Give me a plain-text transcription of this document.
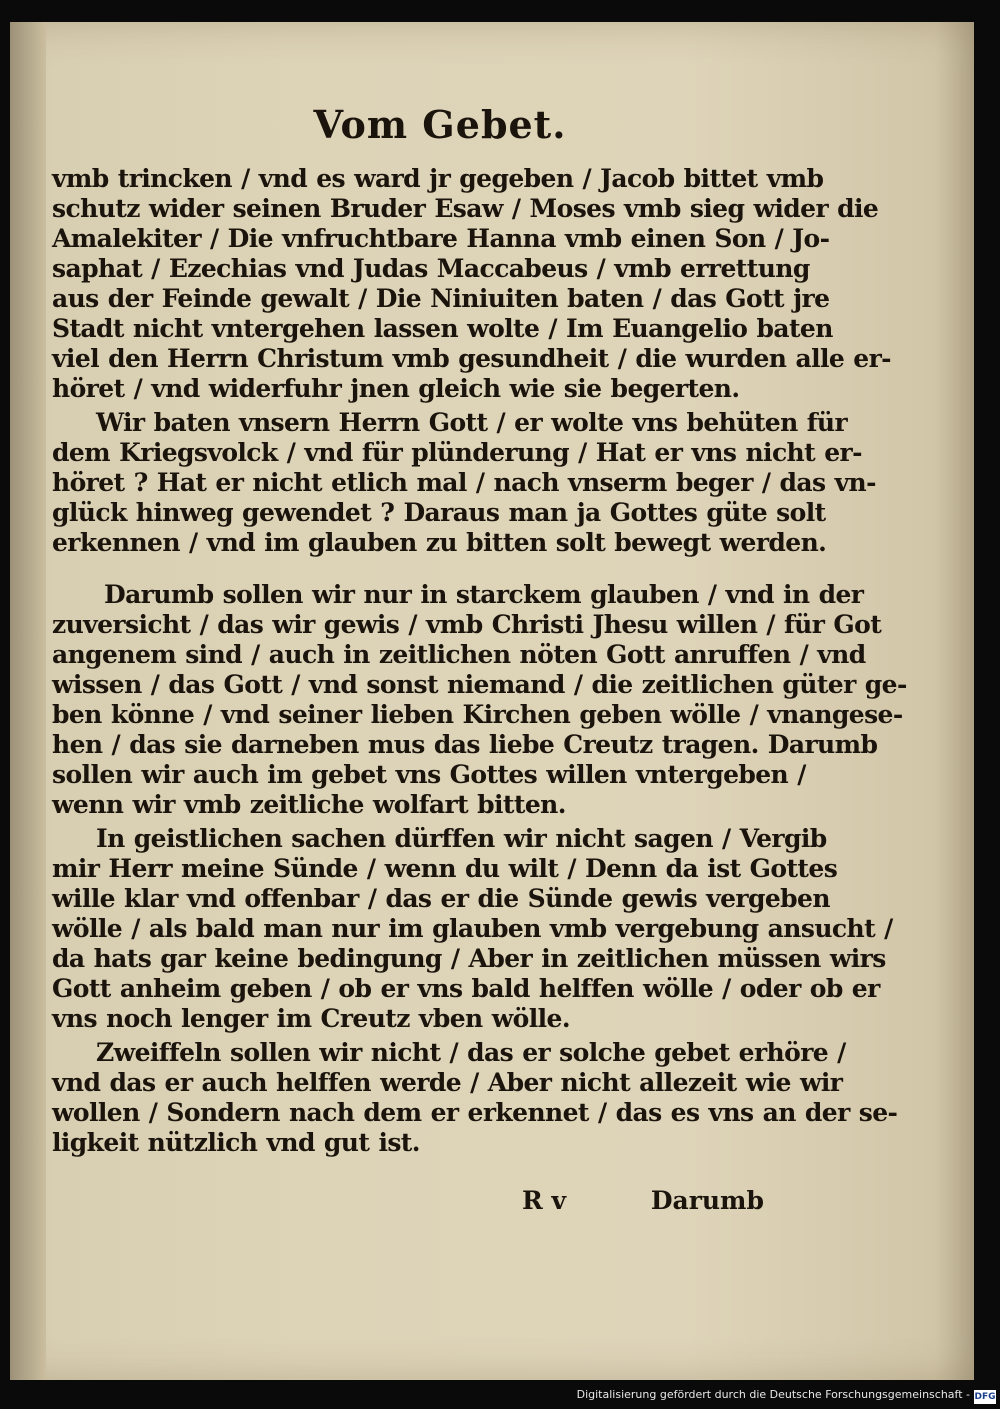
Vom Gebet.
vmb trincken / vnd es ward jr gegeben / Jacob bittet vmb
schutz wider seinen Bruder Esaw / Moses vmb sieg wider die
Amalekiter / Die vnfruchtbare Hanna vmb einen Son / Jo-
saphat / Ezechias vnd Judas Maccabeus / vmb errettung
aus der Feinde gewalt / Die Niniuiten baten / das Gott jre
Stadt nicht vntergehen lassen wolte / Im Euangelio baten
viel den Herrn Christum vmb gesundheit / die wurden alle er-
höret / vnd widerfuhr jnen gleich wie sie begerten.
Wir baten vnsern Herrn Gott / er wolte vns behüten für
dem Kriegsvolck / vnd für plünderung / Hat er vns nicht er-
höret ? Hat er nicht etlich mal / nach vnserm beger / das vn-
glück hinweg gewendet ? Daraus man ja Gottes güte solt
erkennen / vnd im glauben zu bitten solt bewegt werden.
Darumb sollen wir nur in starckem glauben / vnd in der
zuversicht / das wir gewis / vmb Christi Jhesu willen / für Got
angenem sind / auch in zeitlichen nöten Gott anruffen / vnd
wissen / das Gott / vnd sonst niemand / die zeitlichen güter ge-
ben könne / vnd seiner lieben Kirchen geben wölle / vnangese-
hen / das sie darneben mus das liebe Creutz tragen. Darumb
sollen wir auch im gebet vns Gottes willen vntergeben /
wenn wir vmb zeitliche wolfart bitten.
In geistlichen sachen dürffen wir nicht sagen / Vergib
mir Herr meine Sünde / wenn du wilt / Denn da ist Gottes
wille klar vnd offenbar / das er die Sünde gewis vergeben
wölle / als bald man nur im glauben vmb vergebung ansucht /
da hats gar keine bedingung / Aber in zeitlichen müssen wirs
Gott anheim geben / ob er vns bald helffen wölle / oder ob er
vns noch lenger im Creutz vben wölle.
Zweiffeln sollen wir nicht / das er solche gebet erhöre /
vnd das er auch helffen werde / Aber nicht allezeit wie wir
wollen / Sondern nach dem er erkennet / das es vns an der se-
ligkeit nützlich vnd gut ist.
R v	Darumb
Digitalisierung gefördert durch die Deutsche Forschungsgemeinschaft - DFG
